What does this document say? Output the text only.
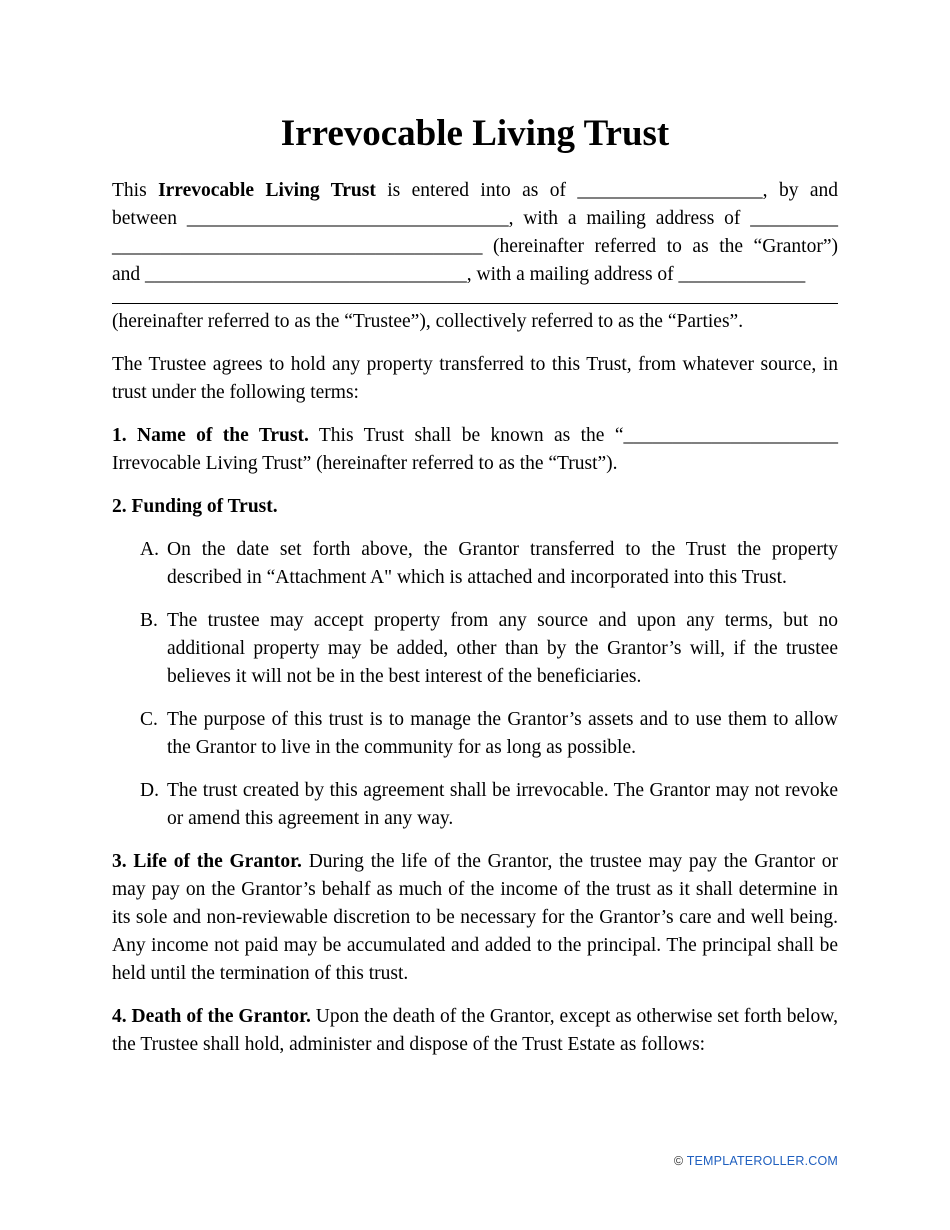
Irrevocable Living Trust
This Irrevocable Living Trust is entered into as of ___________________, by and
between _________________________________, with a mailing address of _________
______________________________________ (hereinafter referred to as the “Grantor”)
and _________________________________, with a mailing address of _____________
(hereinafter referred to as the “Trustee”), collectively referred to as the “Parties”.

The Trustee agrees to hold any property transferred to this Trust, from whatever source, in trust under the following terms:

1. Name of the Trust. This Trust shall be known as the “______________________
Irrevocable Living Trust” (hereinafter referred to as the “Trust”).

2. Funding of Trust.

A. On the date set forth above, the Grantor transferred to the Trust the property described in “Attachment A" which is attached and incorporated into this Trust.
B. The trustee may accept property from any source and upon any terms, but no additional property may be added, other than by the Grantor’s will, if the trustee believes it will not be in the best interest of the beneficiaries.
C. The purpose of this trust is to manage the Grantor’s assets and to use them to allow the Grantor to live in the community for as long as possible.
D. The trust created by this agreement shall be irrevocable. The Grantor may not revoke or amend this agreement in any way.

3. Life of the Grantor. During the life of the Grantor, the trustee may pay the Grantor or may pay on the Grantor’s behalf as much of the income of the trust as it shall determine in its sole and non-reviewable discretion to be necessary for the Grantor’s care and well being. Any income not paid may be accumulated and added to the principal. The principal shall be held until the termination of this trust.

4. Death of the Grantor. Upon the death of the Grantor, except as otherwise set forth below, the Trustee shall hold, administer and dispose of the Trust Estate as follows:

© TEMPLATEROLLER.COM
